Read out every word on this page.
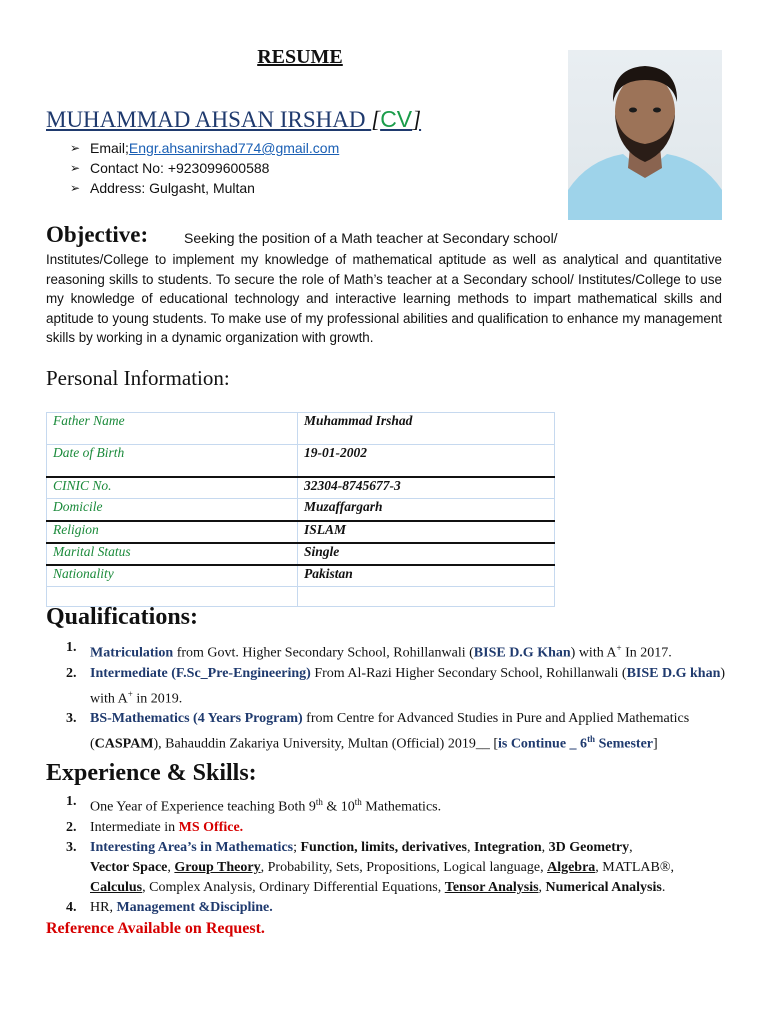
RESUME
MUHAMMAD AHSAN IRSHAD [CV]
➢ Email; Engr.ahsanirshad774@gmail.com
➢ Contact No: +923099600588
➢ Address: Gulgasht, Multan
Objective:	Seeking the position of a Math teacher at Secondary school/
Institutes/College to implement my knowledge of mathematical aptitude as well as analytical and quantitative reasoning skills to students. To secure the role of Math’s teacher at a Secondary school/ Institutes/College to use my knowledge of educational technology and interactive learning methods to impart mathematical skills and aptitude to young students. To make use of my professional abilities and qualification to enhance my management skills by working in a dynamic organization with growth.
Personal Information:
Father Name	Muhammad Irshad
Date of Birth	19-01-2002
CINIC No.	32304-8745677-3
Domicile	Muzaffargarh
Religion	ISLAM
Marital Status	Single
Nationality	Pakistan

Qualifications:
1. Matriculation from Govt. Higher Secondary School, Rohillanwali (BISE D.G Khan) with A+ In 2017.
2. Intermediate (F.Sc_Pre-Engineering) From Al-Razi Higher Secondary School, Rohillanwali (BISE D.G khan) with A+ in 2019.
3. BS-Mathematics (4 Years Program) from Centre for Advanced Studies in Pure and Applied Mathematics (CASPAM), Bahauddin Zakariya University, Multan (Official) 2019__ [is Continue _ 6th Semester]
Experience & Skills:
1. One Year of Experience teaching Both 9th & 10th Mathematics.
2. Intermediate in MS Office.
3. Interesting Area’s in Mathematics; Function, limits, derivatives, Integration, 3D Geometry,
Vector Space, Group Theory, Probability, Sets, Propositions, Logical language, Algebra, MATLAB®,
Calculus, Complex Analysis, Ordinary Differential Equations, Tensor Analysis, Numerical Analysis.
4. HR, Management &Discipline.
Reference Available on Request.
